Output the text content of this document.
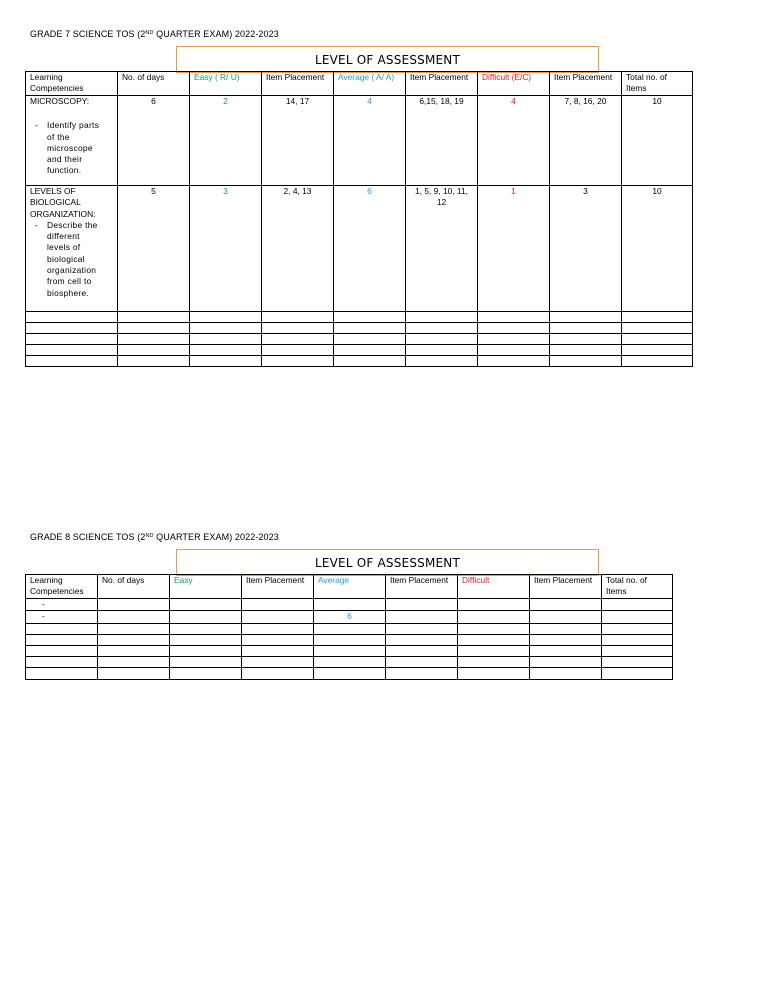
GRADE 7 SCIENCE TOS (2ND QUARTER EXAM) 2022-2023
LEVEL OF ASSESSMENT
Learning Competencies	No. of days	Easy ( R/ U)	Item Placement	Average ( A/ A)	Item Placement	Difficult (E/C)	Item Placement	Total no. of Items

MICROSCOPY:
- Identify parts of the microscope and their function.	6	2	14, 17	4	6,15, 18, 19	4	7, 8, 16, 20	10

LEVELS OF BIOLOGICAL ORGANIZATION:
- Describe the different levels of biological organization from cell to biosphere.	5	3	2, 4, 13	6	1, 5, 9, 10, 11, 12	1	3	10

GRADE 8 SCIENCE TOS (2ND QUARTER EXAM) 2022-2023
LEVEL OF ASSESSMENT
Learning Competencies	No. of days	Easy	Item Placement	Average	Item Placement	Difficult	Item Placement	Total no. of Items
-								
-				6				
